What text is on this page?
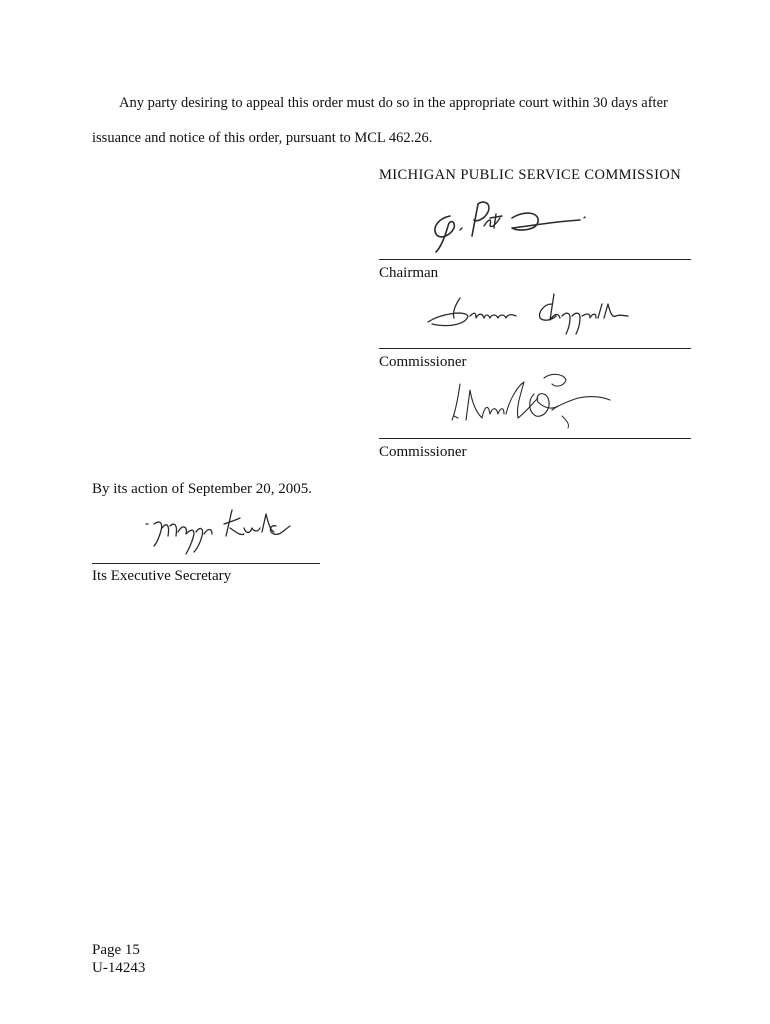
Any party desiring to appeal this order must do so in the appropriate court within 30 days after
issuance and notice of this order, pursuant to MCL 462.26.
MICHIGAN PUBLIC SERVICE COMMISSION
Chairman
Commissioner
Commissioner
By its action of September 20, 2005.
Its Executive Secretary
Page 15
U-14243
